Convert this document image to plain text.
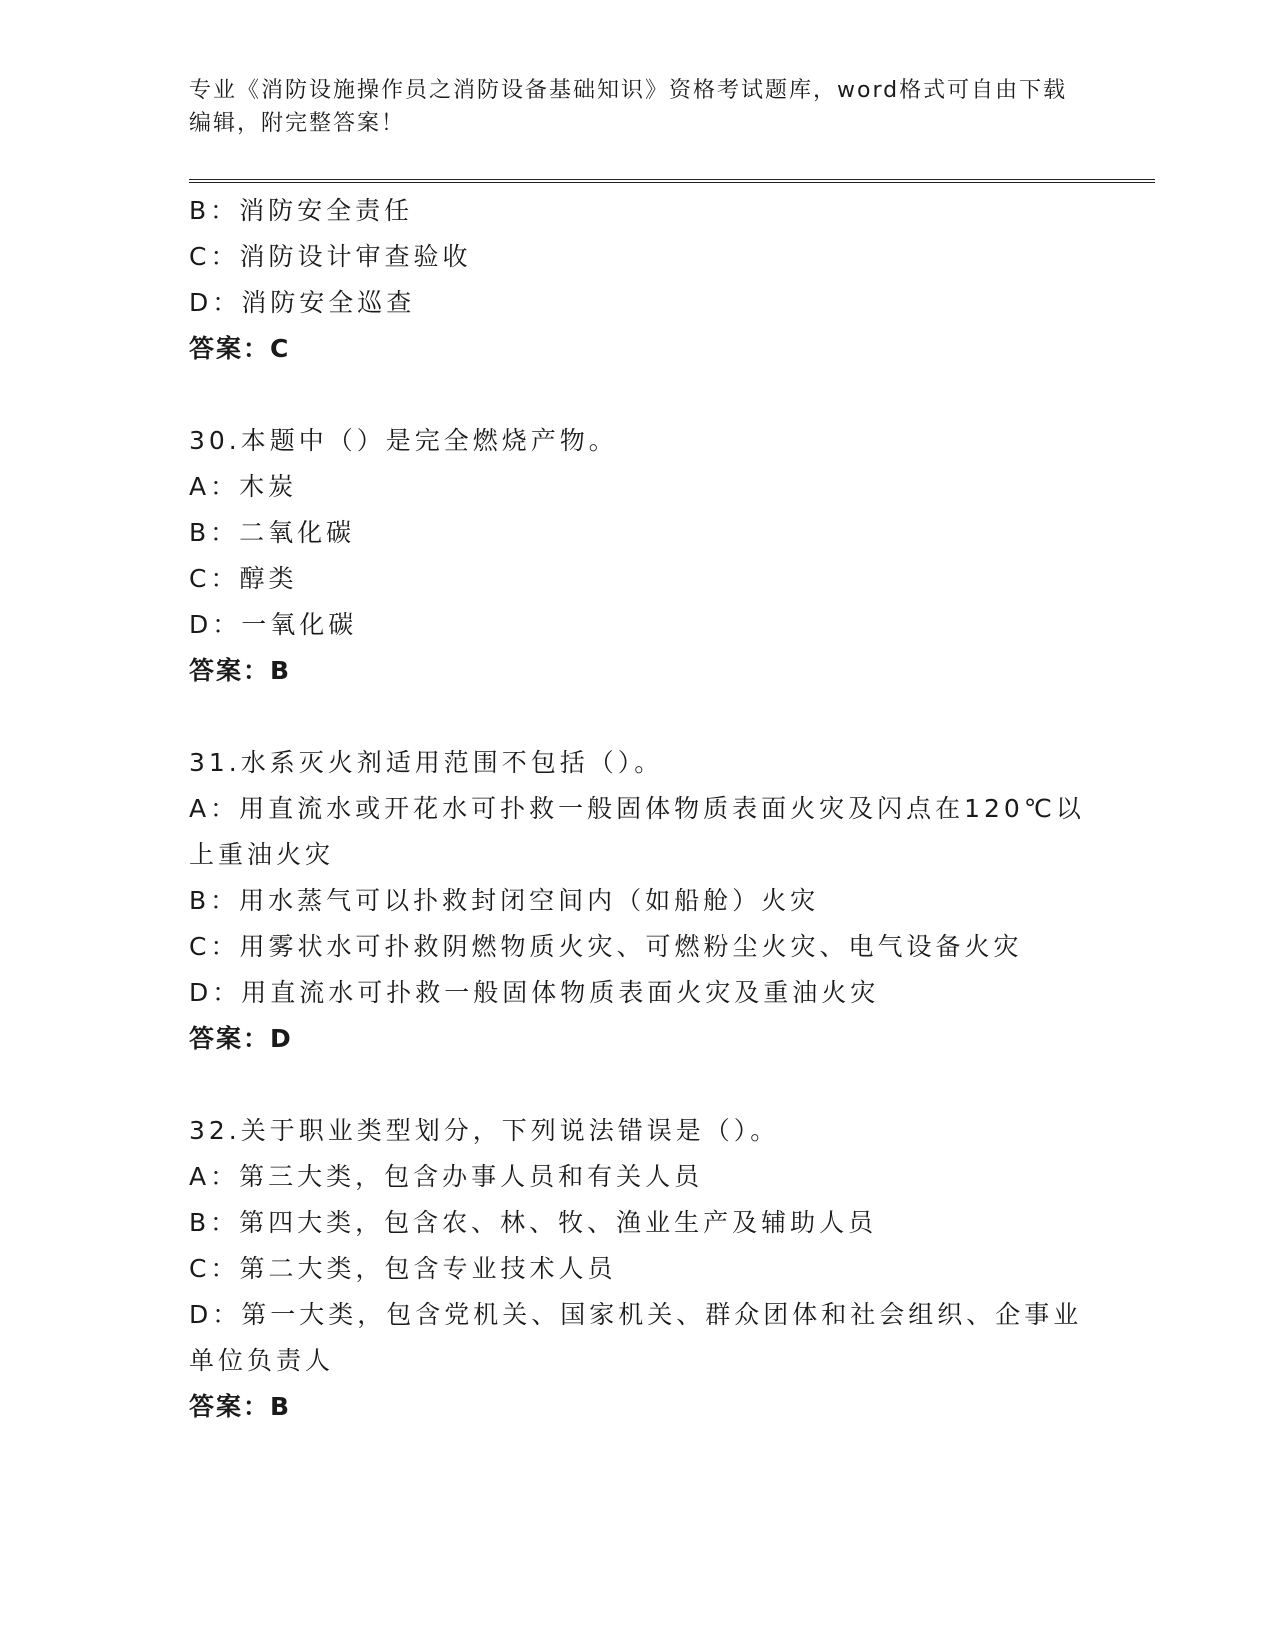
专业《消防设施操作员之消防设备基础知识》资格考试题库，word格式可自由下载编辑，附完整答案！
B：消防安全责任
C：消防设计审查验收
D：消防安全巡查
答案：C
30.本题中（）是完全燃烧产物。
A：木炭
B：二氧化碳
C：醇类
D：一氧化碳
答案：B
31.水系灭火剂适用范围不包括（）。
A：用直流水或开花水可扑救一般固体物质表面火灾及闪点在120℃以上重油火灾
B：用水蒸气可以扑救封闭空间内（如船舱）火灾
C：用雾状水可扑救阴燃物质火灾、可燃粉尘火灾、电气设备火灾
D：用直流水可扑救一般固体物质表面火灾及重油火灾
答案：D
32.关于职业类型划分，下列说法错误是（）。
A：第三大类，包含办事人员和有关人员
B：第四大类，包含农、林、牧、渔业生产及辅助人员
C：第二大类，包含专业技术人员
D：第一大类，包含党机关、国家机关、群众团体和社会组织、企事业单位负责人
答案：B
